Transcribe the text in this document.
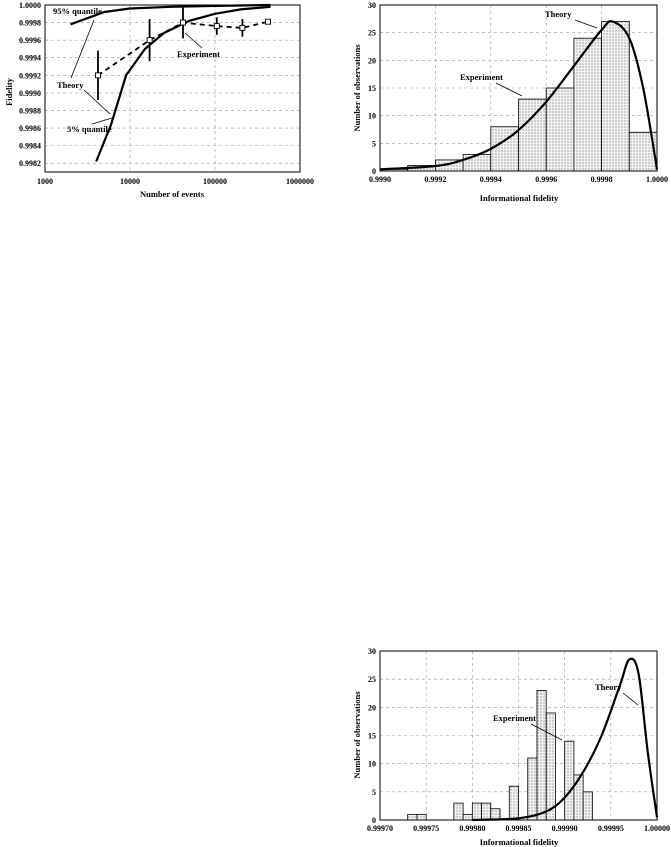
1000	10000	100000	1000000
0.9982
0.9984
0.9986
0.9988
0.9990
0.9992
0.9994
0.9996
0.9998
1.0000
Number of events
Fidelity
95% quantile
Theory
5% quantile
Experiment
0.9990	0.9992	0.9994	0.9996	0.9998	1.0000
0
5
10
15
20
25
30
Informational fidelity
Number of observations
Theory
Experiment
0.99970	0.99975	0.99980	0.99985	0.99990	0.99995	1.00000
0
5
10
15
20
25
30
Informational fidelity
Number of observations
Theory
Experiment
